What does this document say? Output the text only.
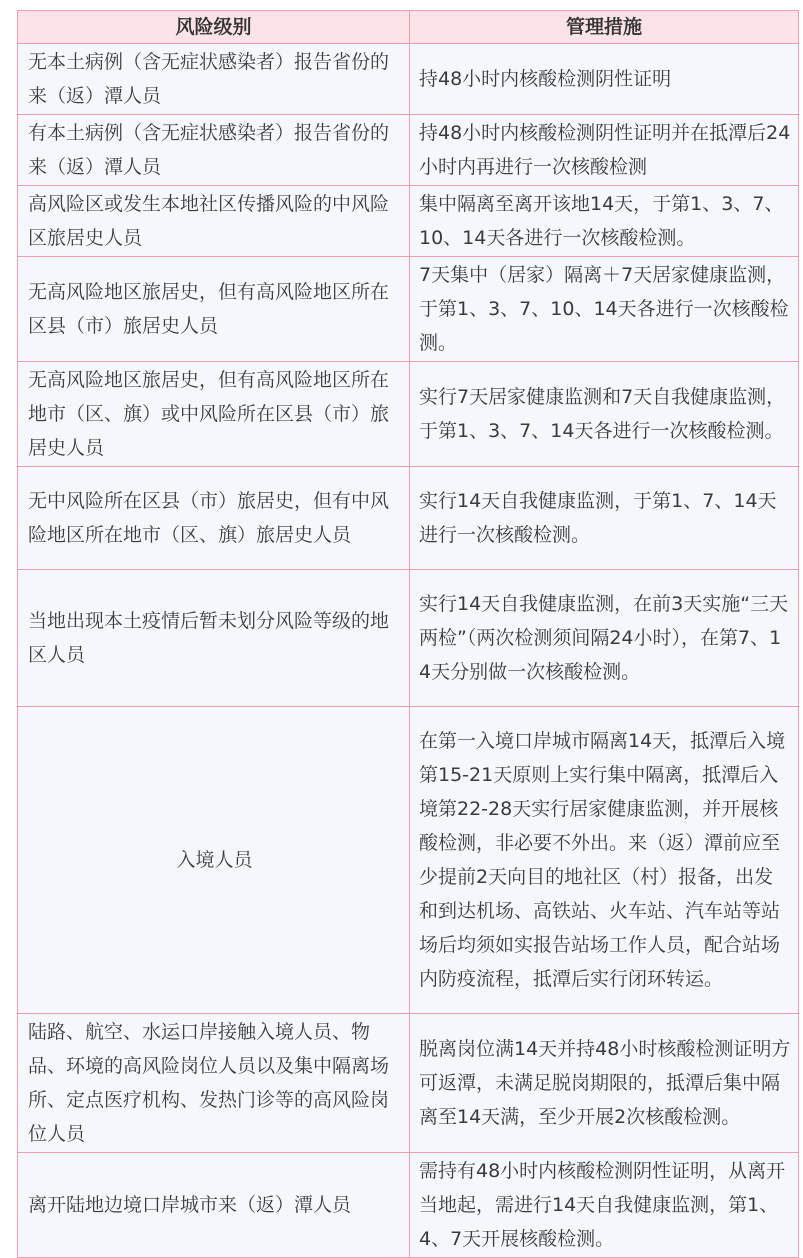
风险级别	管理措施
无本土病例（含无症状感染者）报告省份的来（返）潭人员	持48小时内核酸检测阴性证明
有本土病例（含无症状感染者）报告省份的来（返）潭人员	持48小时内核酸检测阴性证明并在抵潭后24小时内再进行一次核酸检测
高风险区或发生本地社区传播风险的中风险区旅居史人员	集中隔离至离开该地14天，于第1、3、7、10、14天各进行一次核酸检测。
无高风险地区旅居史，但有高风险地区所在区县（市）旅居史人员	7天集中（居家）隔离＋7天居家健康监测，于第1、3、7、10、14天各进行一次核酸检测。
无高风险地区旅居史，但有高风险地区所在地市（区、旗）或中风险所在区县（市）旅居史人员	实行7天居家健康监测和7天自我健康监测，于第1、3、7、14天各进行一次核酸检测。
无中风险所在区县（市）旅居史，但有中风险地区所在地市（区、旗）旅居史人员	实行14天自我健康监测，于第1、7、14天进行一次核酸检测。
当地出现本土疫情后暂未划分风险等级的地区人员	实行14天自我健康监测，在前3天实施“三天两检”（两次检测须间隔24小时），在第7、14天分别做一次核酸检测。
入境人员	在第一入境口岸城市隔离14天，抵潭后入境第15-21天原则上实行集中隔离，抵潭后入境第22-28天实行居家健康监测，并开展核酸检测，非必要不外出。来（返）潭前应至少提前2天向目的地社区（村）报备，出发和到达机场、高铁站、火车站、汽车站等站场后均须如实报告站场工作人员，配合站场内防疫流程，抵潭后实行闭环转运。
陆路、航空、水运口岸接触入境人员、物品、环境的高风险岗位人员以及集中隔离场所、定点医疗机构、发热门诊等的高风险岗位人员	脱离岗位满14天并持48小时核酸检测证明方可返潭，未满足脱岗期限的，抵潭后集中隔离至14天满，至少开展2次核酸检测。
离开陆地边境口岸城市来（返）潭人员	需持有48小时内核酸检测阴性证明，从离开当地起，需进行14天自我健康监测，第1、4、7天开展核酸检测。
